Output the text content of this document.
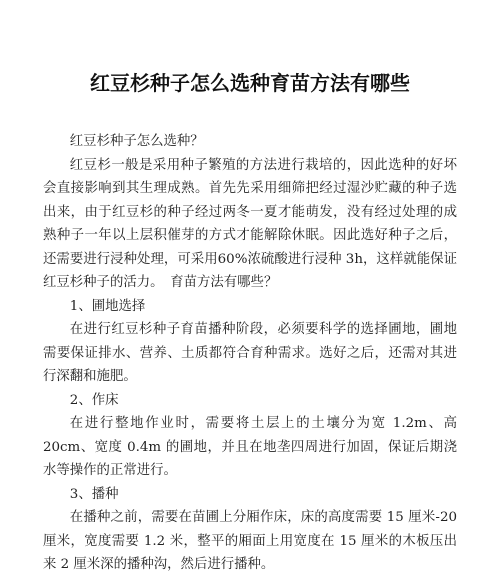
红豆杉种子怎么选种育苗方法有哪些

红豆杉种子怎么选种？

红豆杉一般是采用种子繁殖的方法进行栽培的，因此选种的好坏会直接影响到其生理成熟。首先先采用细筛把经过湿沙贮藏的种子选出来，由于红豆杉的种子经过两冬一夏才能萌发，没有经过处理的成熟种子一年以上层积催芽的方式才能解除休眠。因此选好种子之后，还需要进行浸种处理，可采用60%浓硫酸进行浸种 3h，这样就能保证红豆杉种子的活力。　育苗方法有哪些？

1、圃地选择

在进行红豆杉种子育苗播种阶段，必须要科学的选择圃地，圃地需要保证排水、营养、土质都符合育种需求。选好之后，还需对其进行深翻和施肥。

2、作床

在进行整地作业时，需要将土层上的土壤分为宽 1.2m、高 20cm、宽度 0.4m 的圃地，并且在地垄四周进行加固，保证后期浇水等操作的正常进行。

3、播种

在播种之前，需要在苗圃上分厢作床，床的高度需要 15 厘米-20 厘米，宽度需要 1.2 米，整平的厢面上用宽度在 15 厘米的木板压出来 2 厘米深的播种沟，然后进行播种。
